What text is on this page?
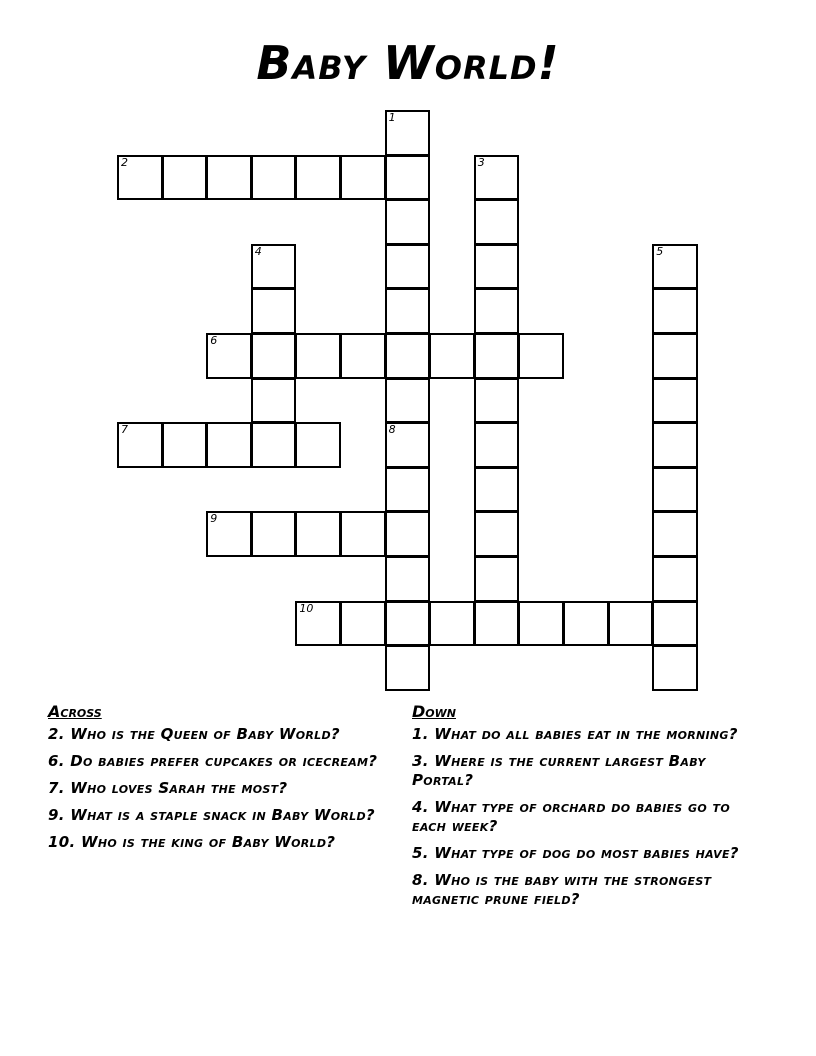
Baby World!
1
2	3
4	5
6
7
9
10
8
Across
2. Who is the Queen of Baby World?
6. Do babies prefer cupcakes or icecream?
7. Who loves Sarah the most?
9. What is a staple snack in Baby World?
10. Who is the king of Baby World?
Down
1. What do all babies eat in the morning?
3. Where is the current largest Baby Portal?
4. What type of orchard do babies go to each week?
5. What type of dog do most babies have?
8. Who is the baby with the strongest magnetic prune field?
